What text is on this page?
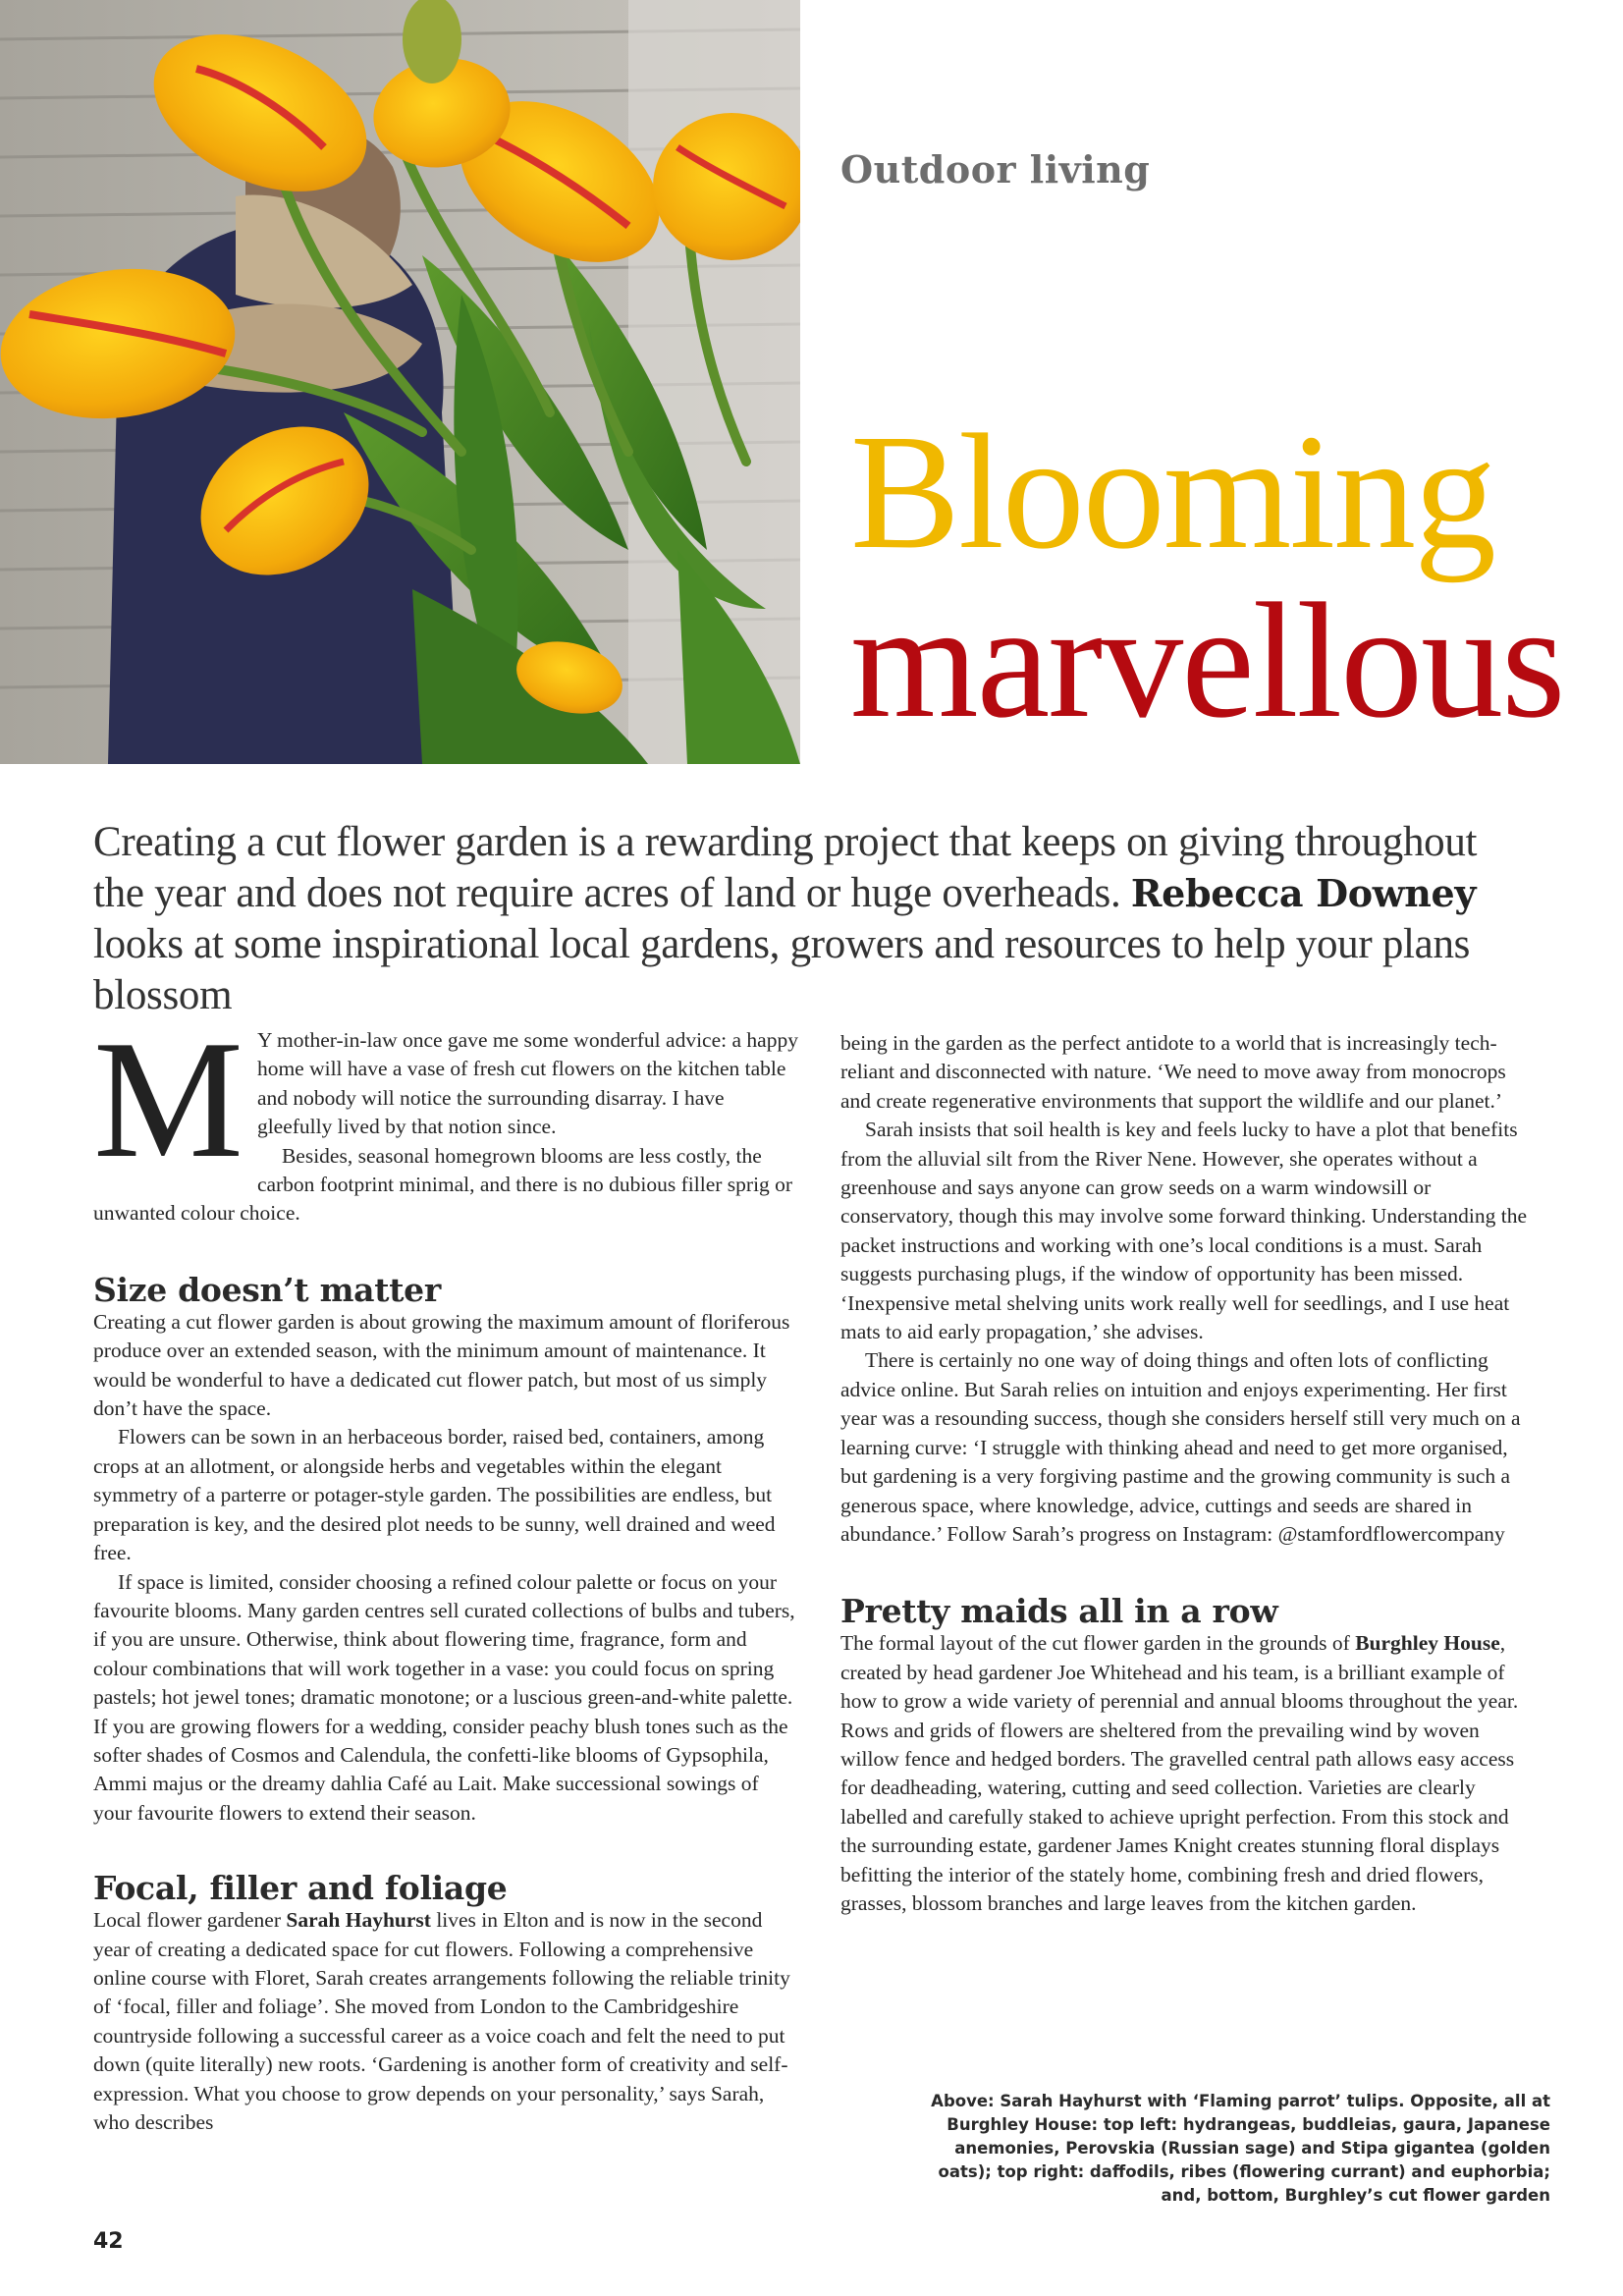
Outdoor living
Blooming
marvellous
Creating a cut flower garden is a rewarding project that keeps on giving throughout the year and does not require acres of land or huge overheads. Rebecca Downey looks at some inspirational local gardens, growers and resources to help your plans blossom

M Y mother-in-law once gave me some wonderful advice: a happy home will have a vase of fresh cut flowers on the kitchen table and nobody will notice the surrounding disarray. I have gleefully lived by that notion since.

Besides, seasonal homegrown blooms are less costly, the carbon footprint minimal, and there is no dubious filler sprig or unwanted colour choice.

Size doesn’t matter

Creating a cut flower garden is about growing the maximum amount of floriferous produce over an extended season, with the minimum amount of maintenance. It would be wonderful to have a dedicated cut flower patch, but most of us simply don’t have the space.

Flowers can be sown in an herbaceous border, raised bed, containers, among crops at an allotment, or alongside herbs and vegetables within the elegant symmetry of a parterre or potager-style garden. The possibilities are endless, but preparation is key, and the desired plot needs to be sunny, well drained and weed free.

If space is limited, consider choosing a refined colour palette or focus on your favourite blooms. Many garden centres sell curated collections of bulbs and tubers, if you are unsure. Otherwise, think about flowering time, fragrance, form and colour combinations that will work together in a vase: you could focus on spring pastels; hot jewel tones; dramatic monotone; or a luscious green-and-white palette. If you are growing flowers for a wedding, consider peachy blush tones such as the softer shades of Cosmos and Calendula, the confetti-like blooms of Gypsophila, Ammi majus or the dreamy dahlia Café au Lait. Make successional sowings of your favourite flowers to extend their season.

Focal, filler and foliage

Local flower gardener Sarah Hayhurst lives in Elton and is now in the second year of creating a dedicated space for cut flowers. Following a comprehensive online course with Floret, Sarah creates arrangements following the reliable trinity of ‘focal, filler and foliage’. She moved from London to the Cambridgeshire countryside following a successful career as a voice coach and felt the need to put down (quite literally) new roots. ‘Gardening is another form of creativity and self-expression. What you choose to grow depends on your personality,’ says Sarah, who describes

being in the garden as the perfect antidote to a world that is increasingly tech-reliant and disconnected with nature. ‘We need to move away from monocrops and create regenerative environments that support the wildlife and our planet.’

Sarah insists that soil health is key and feels lucky to have a plot that benefits from the alluvial silt from the River Nene. However, she operates without a greenhouse and says anyone can grow seeds on a warm windowsill or conservatory, though this may involve some forward thinking. Understanding the packet instructions and working with one’s local conditions is a must. Sarah suggests purchasing plugs, if the window of opportunity has been missed. ‘Inexpensive metal shelving units work really well for seedlings, and I use heat mats to aid early propagation,’ she advises.

There is certainly no one way of doing things and often lots of conflicting advice online. But Sarah relies on intuition and enjoys experimenting. Her first year was a resounding success, though she considers herself still very much on a learning curve: ‘I struggle with thinking ahead and need to get more organised, but gardening is a very forgiving pastime and the growing community is such a generous space, where knowledge, advice, cuttings and seeds are shared in abundance.’ Follow Sarah’s progress on Instagram: @stamfordflowercompany

Pretty maids all in a row

The formal layout of the cut flower garden in the grounds of Burghley House, created by head gardener Joe Whitehead and his team, is a brilliant example of how to grow a wide variety of perennial and annual blooms throughout the year. Rows and grids of flowers are sheltered from the prevailing wind by woven willow fence and hedged borders. The gravelled central path allows easy access for deadheading, watering, cutting and seed collection. Varieties are clearly labelled and carefully staked to achieve upright perfection. From this stock and the surrounding estate, gardener James Knight creates stunning floral displays befitting the interior of the stately home, combining fresh and dried flowers, grasses, blossom branches and large leaves from the kitchen garden.

Above: Sarah Hayhurst with ‘Flaming parrot’ tulips. Opposite, all at Burghley House: top left: hydrangeas, buddleias, gaura, Japanese anemonies, Perovskia (Russian sage) and Stipa gigantea (golden oats); top right: daffodils, ribes (flowering currant) and euphorbia; and, bottom, Burghley’s cut flower garden
42
